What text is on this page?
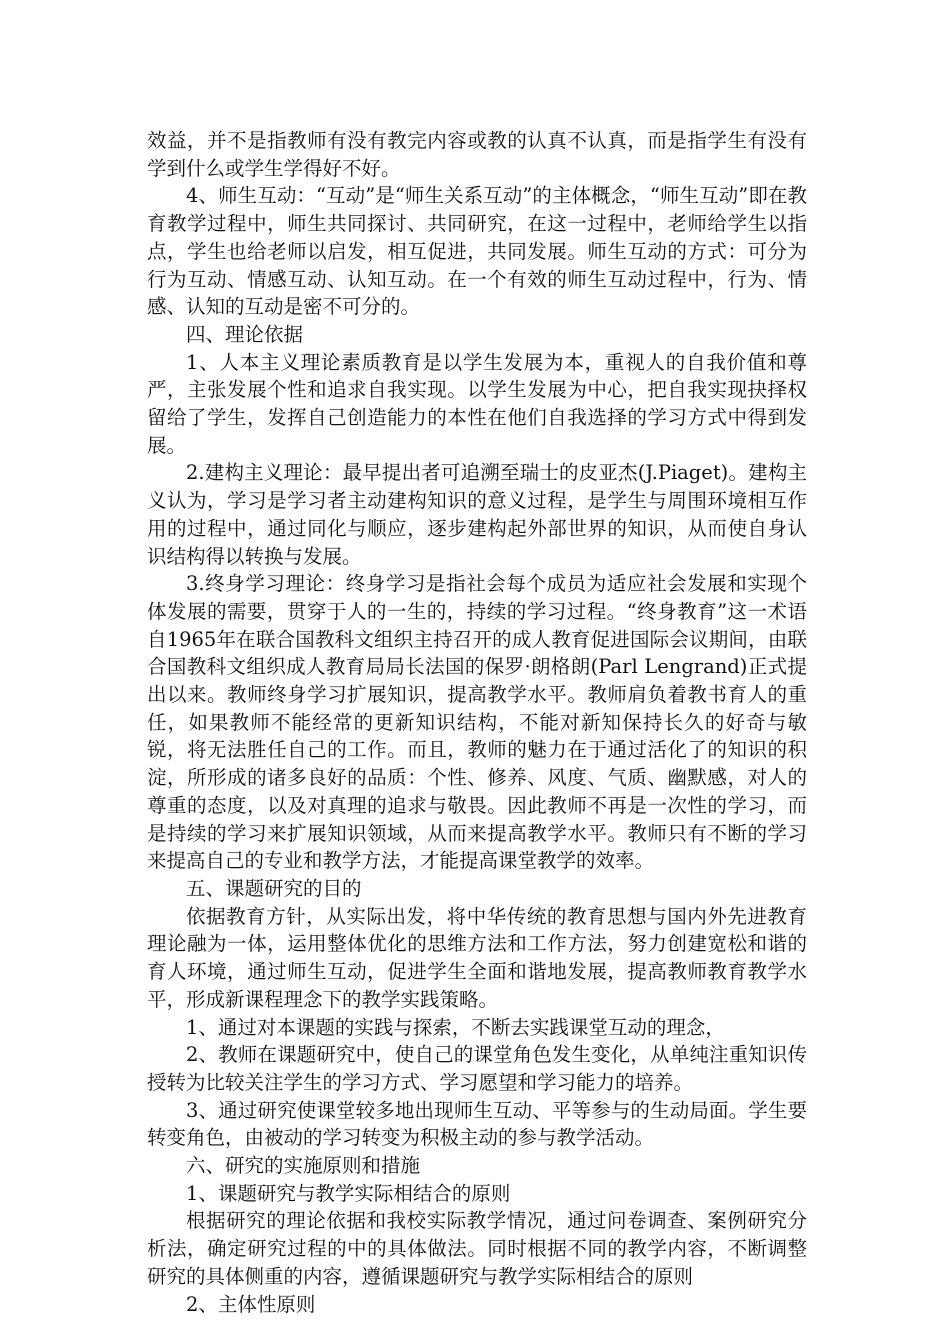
效益，并不是指教师有没有教完内容或教的认真不认真，而是指学生有没有学到什么或学生学得好不好。

4、师生互动：“互动”是“师生关系互动”的主体概念，“师生互动”即在教育教学过程中，师生共同探讨、共同研究，在这一过程中，老师给学生以指点，学生也给老师以启发，相互促进，共同发展。师生互动的方式：可分为行为互动、情感互动、认知互动。在一个有效的师生互动过程中，行为、情感、认知的互动是密不可分的。

四、理论依据

1、人本主义理论素质教育是以学生发展为本，重视人的自我价值和尊严，主张发展个性和追求自我实现。以学生发展为中心，把自我实现抉择权留给了学生，发挥自己创造能力的本性在他们自我选择的学习方式中得到发展。

2.建构主义理论：最早提出者可追溯至瑞士的皮亚杰(J.Piaget)。建构主义认为，学习是学习者主动建构知识的意义过程，是学生与周围环境相互作用的过程中，通过同化与顺应，逐步建构起外部世界的知识，从而使自身认识结构得以转换与发展。

3.终身学习理论：终身学习是指社会每个成员为适应社会发展和实现个体发展的需要，贯穿于人的一生的，持续的学习过程。“终身教育”这一术语自1965年在联合国教科文组织主持召开的成人教育促进国际会议期间，由联合国教科文组织成人教育局局长法国的保罗·朗格朗(Parl Lengrand)正式提出以来。教师终身学习扩展知识，提高教学水平。教师肩负着教书育人的重任，如果教师不能经常的更新知识结构，不能对新知保持长久的好奇与敏锐，将无法胜任自己的工作。而且，教师的魅力在于通过活化了的知识的积淀，所形成的诸多良好的品质：个性、修养、风度、气质、幽默感，对人的尊重的态度，以及对真理的追求与敬畏。因此教师不再是一次性的学习，而是持续的学习来扩展知识领域，从而来提高教学水平。教师只有不断的学习来提高自己的专业和教学方法，才能提高课堂教学的效率。

五、课题研究的目的

依据教育方针，从实际出发，将中华传统的教育思想与国内外先进教育理论融为一体，运用整体优化的思维方法和工作方法，努力创建宽松和谐的育人环境，通过师生互动，促进学生全面和谐地发展，提高教师教育教学水平，形成新课程理念下的教学实践策略。

1、通过对本课题的实践与探索，不断去实践课堂互动的理念，

2、教师在课题研究中，使自己的课堂角色发生变化，从单纯注重知识传授转为比较关注学生的学习方式、学习愿望和学习能力的培养。

3、通过研究使课堂较多地出现师生互动、平等参与的生动局面。学生要转变角色，由被动的学习转变为积极主动的参与教学活动。

六、研究的实施原则和措施

1、课题研究与教学实际相结合的原则

根据研究的理论依据和我校实际教学情况，通过问卷调查、案例研究分析法，确定研究过程的中的具体做法。同时根据不同的教学内容，不断调整研究的具体侧重的内容，遵循课题研究与教学实际相结合的原则

2、主体性原则
